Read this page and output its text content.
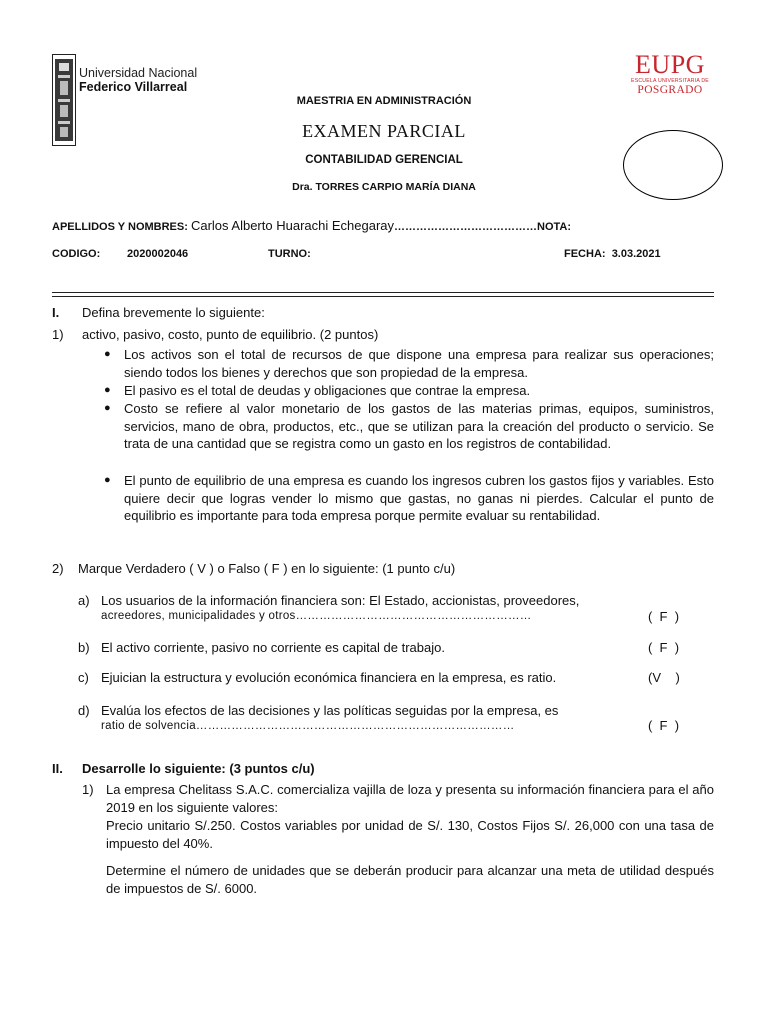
Universidad Nacional
Federico Villarreal
EUPG
ESCUELA UNIVERSITARIA DE
POSGRADO
MAESTRIA EN ADMINISTRACIÓN
EXAMEN PARCIAL
CONTABILIDAD GERENCIAL
Dra. TORRES CARPIO MARÍA DIANA
APELLIDOS Y NOMBRES: Carlos Alberto Huarachi Echegaray…………………………………NOTA:
CODIGO: 2020002046	TURNO:	FECHA: 3.03.2021
I. Defina brevemente lo siguiente:
1) activo, pasivo, costo, punto de equilibrio. (2 puntos)
● Los activos son el total de recursos de que dispone una empresa para realizar sus operaciones; siendo todos los bienes y derechos que son propiedad de la empresa.
● El pasivo es el total de deudas y obligaciones que contrae la empresa.
● Costo se refiere al valor monetario de los gastos de las materias primas, equipos, suministros, servicios, mano de obra, productos, etc., que se utilizan para la creación del producto o servicio. Se trata de una cantidad que se registra como un gasto en los registros de contabilidad.
● El punto de equilibrio de una empresa es cuando los ingresos cubren los gastos fijos y variables. Esto quiere decir que logras vender lo mismo que gastas, no ganas ni pierdes. Calcular el punto de equilibrio es importante para toda empresa porque permite evaluar su rentabilidad.
2) Marque Verdadero ( V ) o Falso ( F ) en lo siguiente: (1 punto c/u)
a) Los usuarios de la información financiera son: El Estado, accionistas, proveedores,
acreedores, municipalidades y otros……………………………………………………	(  F  )
b) El activo corriente, pasivo no corriente es capital de trabajo.	(  F  )
c) Ejuician la estructura y evolución económica financiera en la empresa, es ratio.	(V    )
d) Evalúa los efectos de las decisiones y las políticas seguidas por la empresa, es
ratio de solvencia………………………………………………………………………	(  F  )
II. Desarrolle lo siguiente: (3 puntos c/u)
1) La empresa Chelitass S.A.C. comercializa vajilla de loza y presenta su información financiera para el año 2019 en los siguiente valores:
Precio unitario S/.250. Costos variables por unidad de S/. 130, Costos Fijos S/. 26,000 con una tasa de impuesto del 40%.
Determine el número de unidades que se deberán producir para alcanzar una meta de utilidad después de impuestos de S/. 6000.
